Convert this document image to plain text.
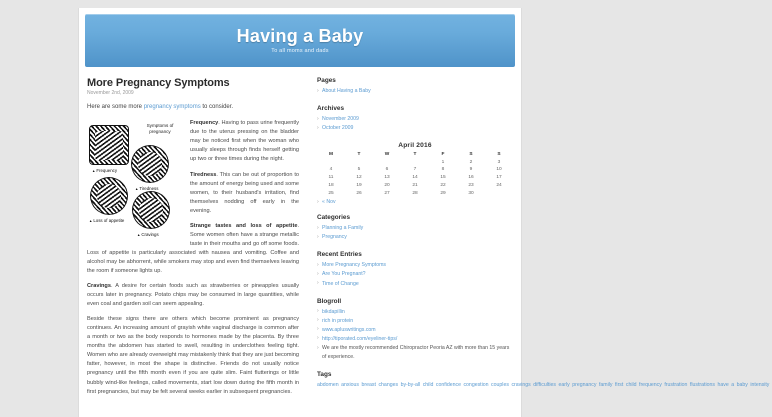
Having a Baby
To all moms and dads
More Pregnancy Symptoms
November 2nd, 2009

Here are some more pregnancy symptoms to consider.

Symptoms of pregnancy
▲ Frequency
▲ Tiredness
▲ Loss of appetite
▲ Cravings

Frequency. Having to pass urine frequently due to the uterus pressing on the bladder may be noticed first when the woman who usually sleeps through finds herself getting up two or three times during the night.

Tiredness. This can be out of proportion to the amount of energy being used and some women, to their husband's irritation, find themselves nodding off early in the evening.

Strange tastes and loss of appetite. Some women often have a strange metallic taste in their mouths and go off some foods. Loss of appetite is particularly associated with nausea and vomiting. Coffee and alcohol may be abhorrent, while smokers may stop and even find themselves leaving the room if someone lights up.

Cravings. A desire for certain foods such as strawberries or pineapples usually occurs later in pregnancy. Potato chips may be consumed in large quantities, while even coal and garden soil can seem appealing.

Beside these signs there are others which become prominent as pregnancy continues. An increasing amount of grayish white vaginal discharge is common after a month or two as the body responds to hormones made by the placenta. By three months the abdomen has started to swell, resulting in underclothes feeling tight. Women who are already overweight may mistakenly think that they are just becoming fatter, however, in most the shape is distinctive. Friends do not usually notice pregnancy until the fifth month even if you are quite slim. Faint flutterings or little bubbly wind-like feelings, called movements, start low down during the fifth month in first pregnancies, but may be felt several weeks earlier in subsequent pregnancies.

Pages
› About Having a Baby
Archives
› November 2009
› October 2009
April 2016
M	T	W	T	F	S	S
				1	2	3
4	5	6	7	8	9	10
11	12	13	14	15	16	17
18	19	20	21	22	23	24
25	26	27	28	29	30	
› « Nov
Categories
› Planning a Family
› Pregnancy
Recent Entries
› More Pregnancy Symptoms
› Are You Pregnant?
› Time of Change
Blogroll
› bikdapillin
› rich in protein
› www.apluswritings.com
› http://tiporated.com/eyeliner-tips/
› We are the mostly recommended Chiropractor Peoria AZ with more than 15 years of experience.
Tags
abdomen anxious breast changes by-by-all child confidence congestion couples cravings difficulties early pregnancy family first child frequency frustration flustrations have a baby intensity
